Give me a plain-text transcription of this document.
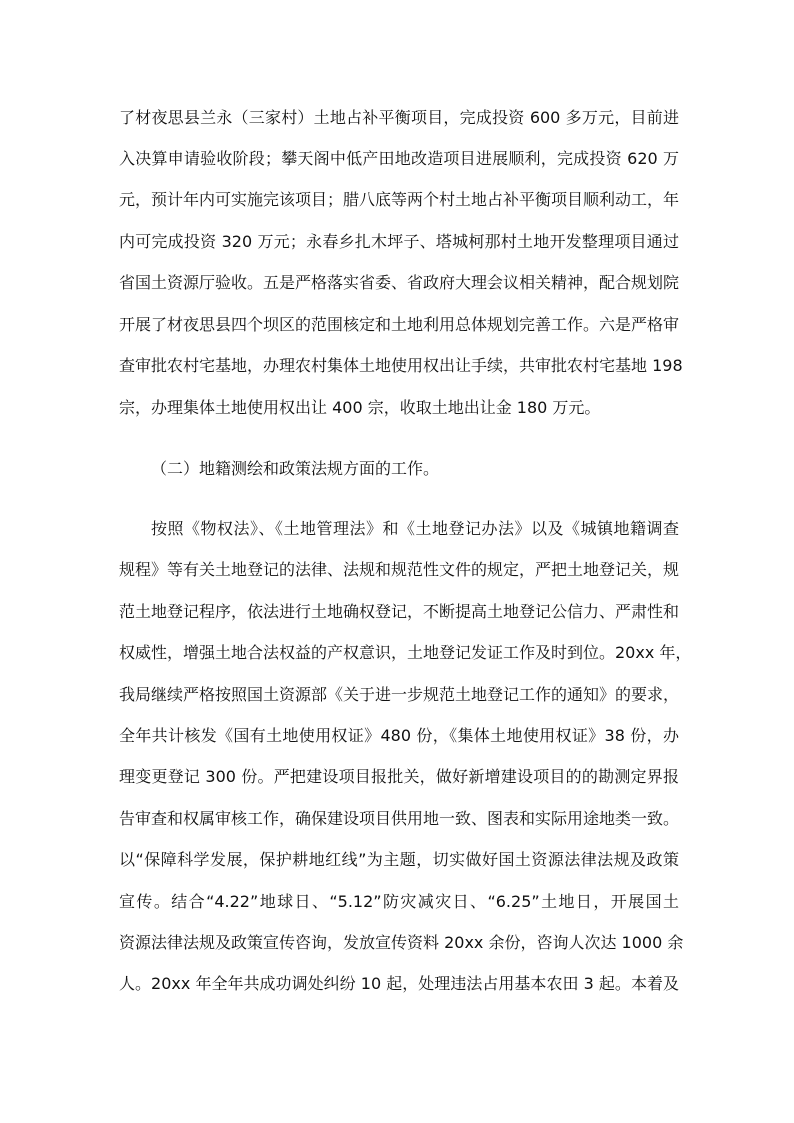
了材夜思县兰永（三家村）土地占补平衡项目，完成投资 600 多万元，目前进
入决算申请验收阶段；攀天阁中低产田地改造项目进展顺利，完成投资 620 万
元，预计年内可实施完该项目；腊八底等两个村土地占补平衡项目顺利动工，年
内可完成投资 320 万元；永春乡扎木坪子、塔城柯那村土地开发整理项目通过
省国土资源厅验收。五是严格落实省委、省政府大理会议相关精神，配合规划院
开展了材夜思县四个坝区的范围核定和土地利用总体规划完善工作。六是严格审
查审批农村宅基地，办理农村集体土地使用权出让手续，共审批农村宅基地 198
宗，办理集体土地使用权出让 400 宗，收取土地出让金 180 万元。
（二）地籍测绘和政策法规方面的工作。
按照《物权法》、《土地管理法》和《土地登记办法》以及《城镇地籍调查
规程》等有关土地登记的法律、法规和规范性文件的规定，严把土地登记关，规
范土地登记程序，依法进行土地确权登记，不断提高土地登记公信力、严肃性和
权威性，增强土地合法权益的产权意识，土地登记发证工作及时到位。20xx 年，
我局继续严格按照国土资源部《关于进一步规范土地登记工作的通知》的要求，
全年共计核发《国有土地使用权证》480 份，《集体土地使用权证》38 份，办
理变更登记 300 份。严把建设项目报批关，做好新增建设项目的的勘测定界报
告审查和权属审核工作，确保建设项目供用地一致、图表和实际用途地类一致。
以“保障科学发展，保护耕地红线”为主题，切实做好国土资源法律法规及政策
宣传。结合“4.22”地球日、“5.12”防灾减灾日、“6.25”土地日，开展国土
资源法律法规及政策宣传咨询，发放宣传资料 20xx 余份，咨询人次达 1000 余
人。20xx 年全年共成功调处纠纷 10 起，处理违法占用基本农田 3 起。本着及
